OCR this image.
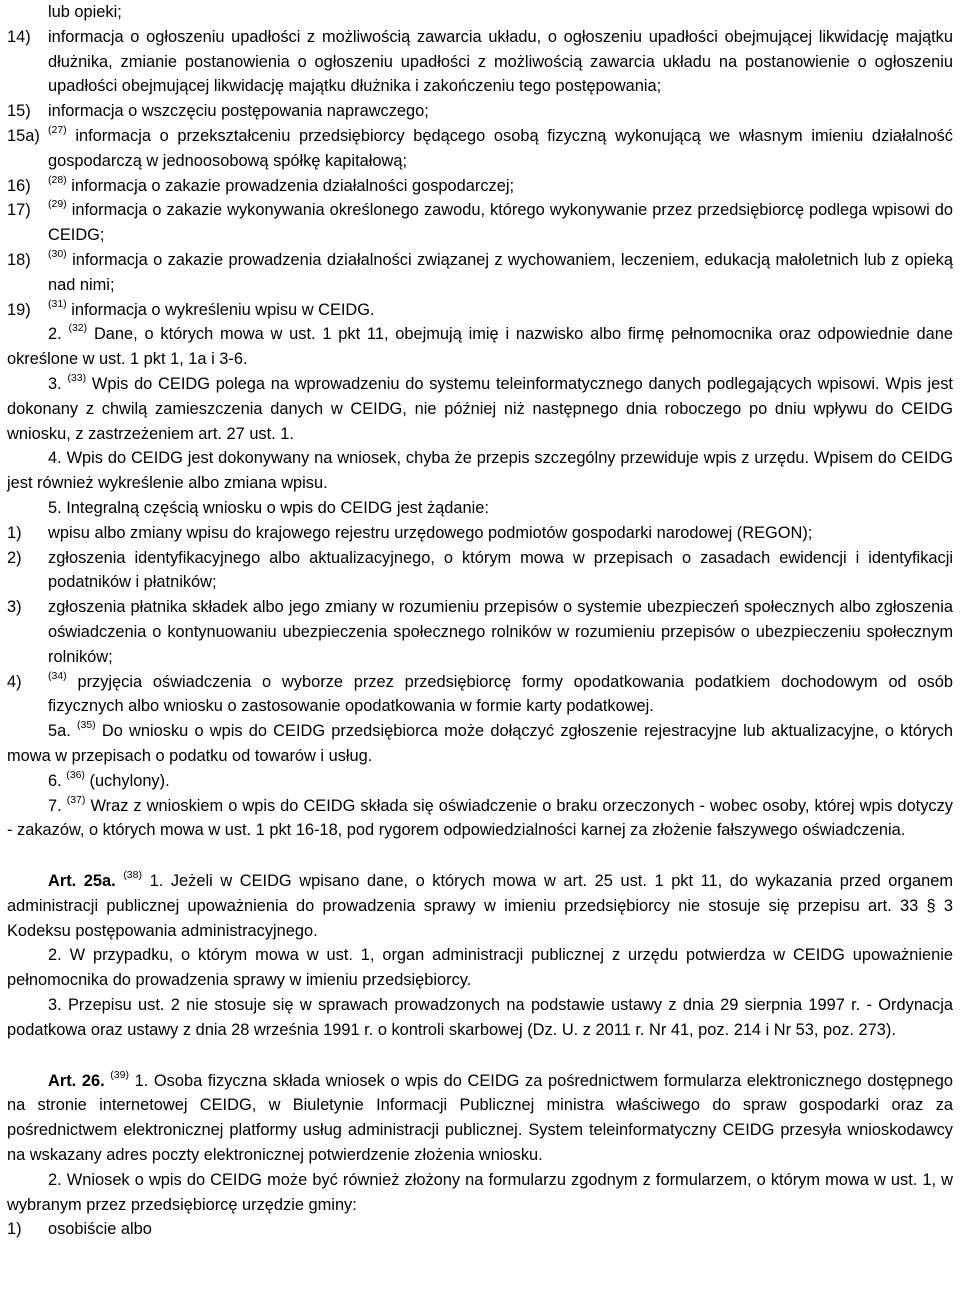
lub opieki;

14) informacja o ogłoszeniu upadłości z możliwością zawarcia układu, o ogłoszeniu upadłości obejmującej likwidację majątku dłużnika, zmianie postanowienia o ogłoszeniu upadłości z możliwością zawarcia układu na postanowienie o ogłoszeniu upadłości obejmującej likwidację majątku dłużnika i zakończeniu tego postępowania;

15) informacja o wszczęciu postępowania naprawczego;

15a) $^{(27)}$ informacja o przekształceniu przedsiębiorcy będącego osobą fizyczną wykonującą we własnym imieniu działalność gospodarczą w jednoosobową spółkę kapitałową;

16) $^{(28)}$ informacja o zakazie prowadzenia działalności gospodarczej;

17) $^{(29)}$ informacja o zakazie wykonywania określonego zawodu, którego wykonywanie przez przedsiębiorcę podlega wpisowi do CEIDG;

18) $^{(30)}$ informacja o zakazie prowadzenia działalności związanej z wychowaniem, leczeniem, edukacją małoletnich lub z opieką nad nimi;

19) $^{(31)}$ informacja o wykreśleniu wpisu w CEIDG.

2. $^{(32)}$ Dane, o których mowa w ust. 1 pkt 11, obejmują imię i nazwisko albo firmę pełnomocnika oraz odpowiednie dane określone w ust. 1 pkt 1, 1a i 3-6.

3. $^{(33)}$ Wpis do CEIDG polega na wprowadzeniu do systemu teleinformatycznego danych podlegających wpisowi. Wpis jest dokonany z chwilą zamieszczenia danych w CEIDG, nie później niż następnego dnia roboczego po dniu wpływu do CEIDG wniosku, z zastrzeżeniem art. 27 ust. 1.

4. Wpis do CEIDG jest dokonywany na wniosek, chyba że przepis szczególny przewiduje wpis z urzędu. Wpisem do CEIDG jest również wykreślenie albo zmiana wpisu.

5. Integralną częścią wniosku o wpis do CEIDG jest żądanie:

1) wpisu albo zmiany wpisu do krajowego rejestru urzędowego podmiotów gospodarki narodowej (REGON);

2) zgłoszenia identyfikacyjnego albo aktualizacyjnego, o którym mowa w przepisach o zasadach ewidencji i identyfikacji podatników i płatników;

3) zgłoszenia płatnika składek albo jego zmiany w rozumieniu przepisów o systemie ubezpieczeń społecznych albo zgłoszenia oświadczenia o kontynuowaniu ubezpieczenia społecznego rolników w rozumieniu przepisów o ubezpieczeniu społecznym rolników;

4)	$^{(34)}$ przyjęcia oświadczenia o wyborze przez przedsiębiorcę formy opodatkowania podatkiem dochodowym od osób fizycznych albo wniosku o zastosowanie opodatkowania w formie karty podatkowej.

5a. $^{(35)}$ Do wniosku o wpis do CEIDG przedsiębiorca może dołączyć zgłoszenie rejestracyjne lub aktualizacyjne, o których mowa w przepisach o podatku od towarów i usług.

6. $^{(36)}$ (uchylony).

7. $^{(37)}$ Wraz z wnioskiem o wpis do CEIDG składa się oświadczenie o braku orzeczonych - wobec osoby, której wpis dotyczy - zakazów, o których mowa w ust. 1 pkt 16-18, pod rygorem odpowiedzialności karnej za złożenie fałszywego oświadczenia.

Art. 25a. $^{(38)}$ 1. Jeżeli w CEIDG wpisano dane, o których mowa w art. 25 ust. 1 pkt 11, do wykazania przed organem administracji publicznej upoważnienia do prowadzenia sprawy w imieniu przedsiębiorcy nie stosuje się przepisu art. 33 § 3 Kodeksu postępowania administracyjnego.

2. W przypadku, o którym mowa w ust. 1, organ administracji publicznej z urzędu potwierdza w CEIDG upoważnienie pełnomocnika do prowadzenia sprawy w imieniu przedsiębiorcy.

3. Przepisu ust. 2 nie stosuje się w sprawach prowadzonych na podstawie ustawy z dnia 29 sierpnia 1997 r. - Ordynacja podatkowa oraz ustawy z dnia 28 września 1991 r. o kontroli skarbowej (Dz. U. z 2011 r. Nr 41, poz. 214 i Nr 53, poz. 273).

Art. 26. $^{(39)}$ 1. Osoba fizyczna składa wniosek o wpis do CEIDG za pośrednictwem formularza elektronicznego dostępnego na stronie internetowej CEIDG, w Biuletynie Informacji Publicznej ministra właściwego do spraw gospodarki oraz za pośrednictwem elektronicznej platformy usług administracji publicznej. System teleinformatyczny CEIDG przesyła wnioskodawcy na wskazany adres poczty elektronicznej potwierdzenie złożenia wniosku.

2. Wniosek o wpis do CEIDG może być również złożony na formularzu zgodnym z formularzem, o którym mowa w ust. 1, w wybranym przez przedsiębiorcę urzędzie gminy:

1) osobiście albo
